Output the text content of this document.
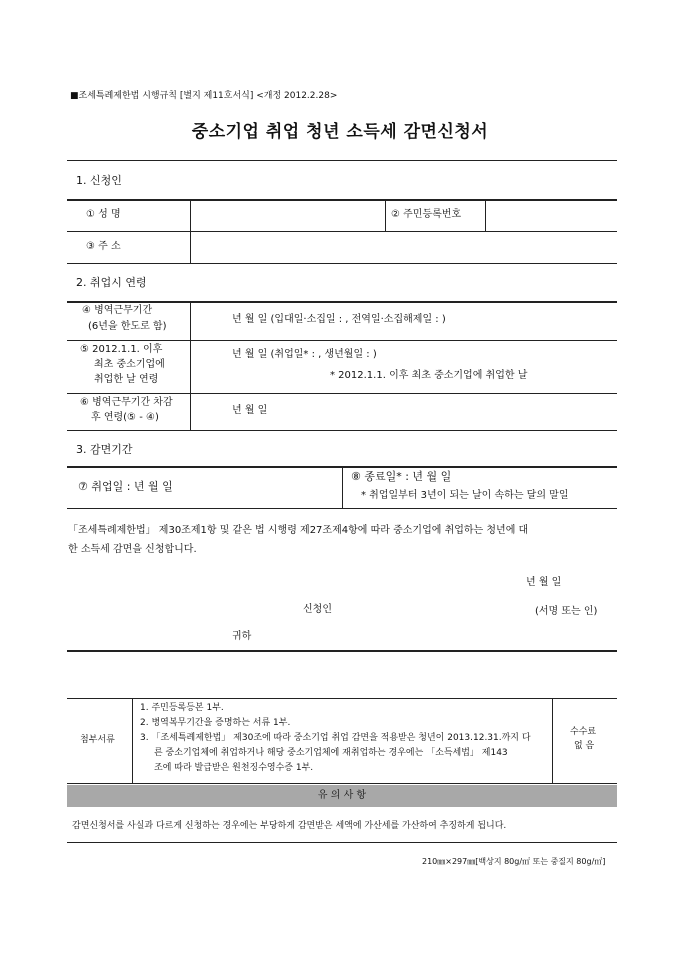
■조세특례제한법 시행규칙 [별지 제11호서식] <개정 2012.2.28>
중소기업 취업 청년 소득세 감면신청서
1. 신청인
① 성 명	② 주민등록번호
③ 주 소
2. 취업시 연령
④ 병역근무기간
(6년을 한도로 함)
년 월 일 (입대일·소집일 : , 전역일·소집해제일 : )
⑤ 2012.1.1. 이후
최초 중소기업에
취업한 날 연령
년 월 일 (취업일* : , 생년월일 : )
* 2012.1.1. 이후 최초 중소기업에 취업한 날
⑥ 병역근무기간 차감
후 연령(⑤ - ④)
년 월 일
3. 감면기간
⑦ 취업일 : 년 월 일
⑧ 종료일* : 년 월 일
* 취업일부터 3년이 되는 날이 속하는 달의 말일
「조세특례제한법」 제30조제1항 및 같은 법 시행령 제27조제4항에 따라 중소기업에 취업하는 청년에 대
한 소득세 감면을 신청합니다.
년 월 일
신청인	(서명 또는 인)
귀하
첨부서류
1. 주민등록등본 1부.
2. 병역복무기간을 증명하는 서류 1부.
3. 「조세특례제한법」 제30조에 따라 중소기업 취업 감면을 적용받은 청년이 2013.12.31.까지 다
른 중소기업체에 취업하거나 해당 중소기업체에 재취업하는 경우에는 「소득세법」 제143
조에 따라 발급받은 원천징수영수증 1부.
수수료
없 음
유 의 사 항
감면신청서를 사실과 다르게 신청하는 경우에는 부당하게 감면받은 세액에 가산세를 가산하여 추징하게 됩니다.
210㎜×297㎜[백상지 80g/㎡ 또는 중질지 80g/㎡]
